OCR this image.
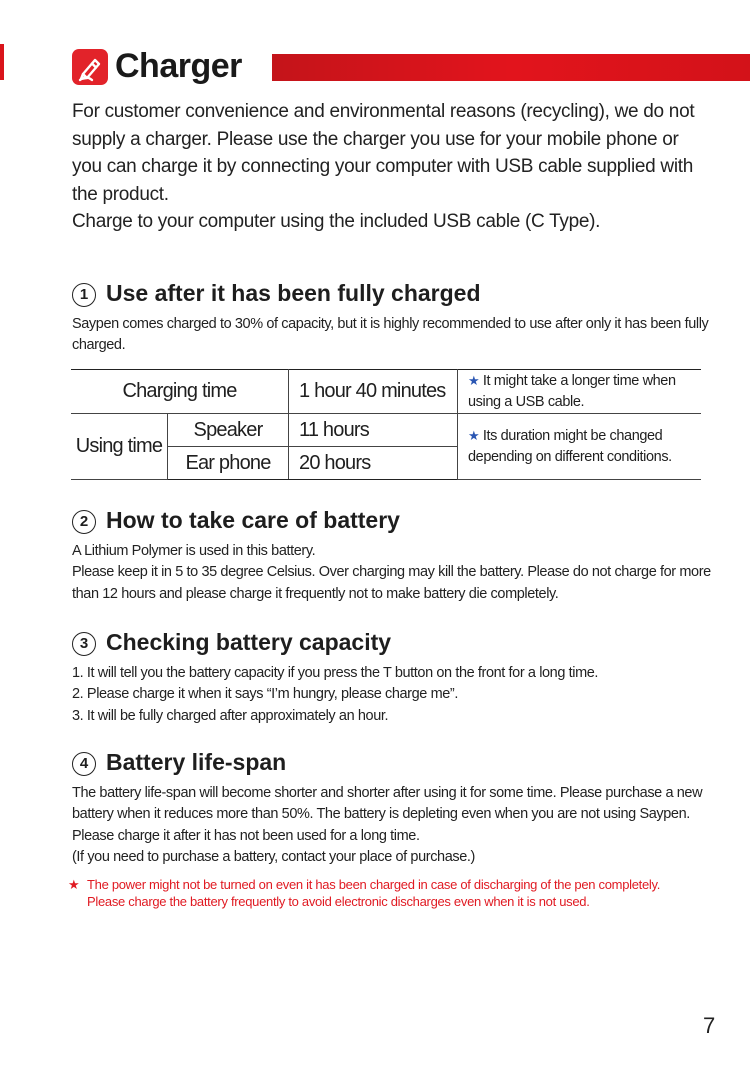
Charger

For customer convenience and environmental reasons (recycling), we do not supply a charger. Please use the charger you use for your mobile phone or you can charge it by connecting your computer with USB cable supplied with the product.

Charge to your computer using the included USB cable (C Type).

1 Use after it has been fully charged

Saypen comes charged to 30% of capacity, but it is highly recommended to use after only it has been fully charged.

Charging time		1 hour 40 minutes	★ It might take a longer time when using a USB cable.
Using time	Speaker	11 hours	★ Its duration might be changed depending on different conditions.
	Ear phone	20 hours	
2 How to take care of battery

A Lithium Polymer is used in this battery.

Please keep it in 5 to 35 degree Celsius. Over charging may kill the battery. Please do not charge for more than 12 hours and please charge it frequently not to make battery die completely.

3 Checking battery capacity

1. It will tell you the battery capacity if you press the T button on the front for a long time.

2. Please charge it when it says “I’m hungry, please charge me”.

3. It will be fully charged after approximately an hour.

4 Battery life-span

The battery life-span will become shorter and shorter after using it for some time. Please purchase a new battery when it reduces more than 50%. The battery is depleting even when you are not using Saypen. Please charge it after it has not been used for a long time.

(If you need to purchase a battery, contact your place of purchase.)

★ The power might not be turned on even it has been charged in case of discharging of the pen completely.
Please charge the battery frequently to avoid electronic discharges even when it is not used.
7
